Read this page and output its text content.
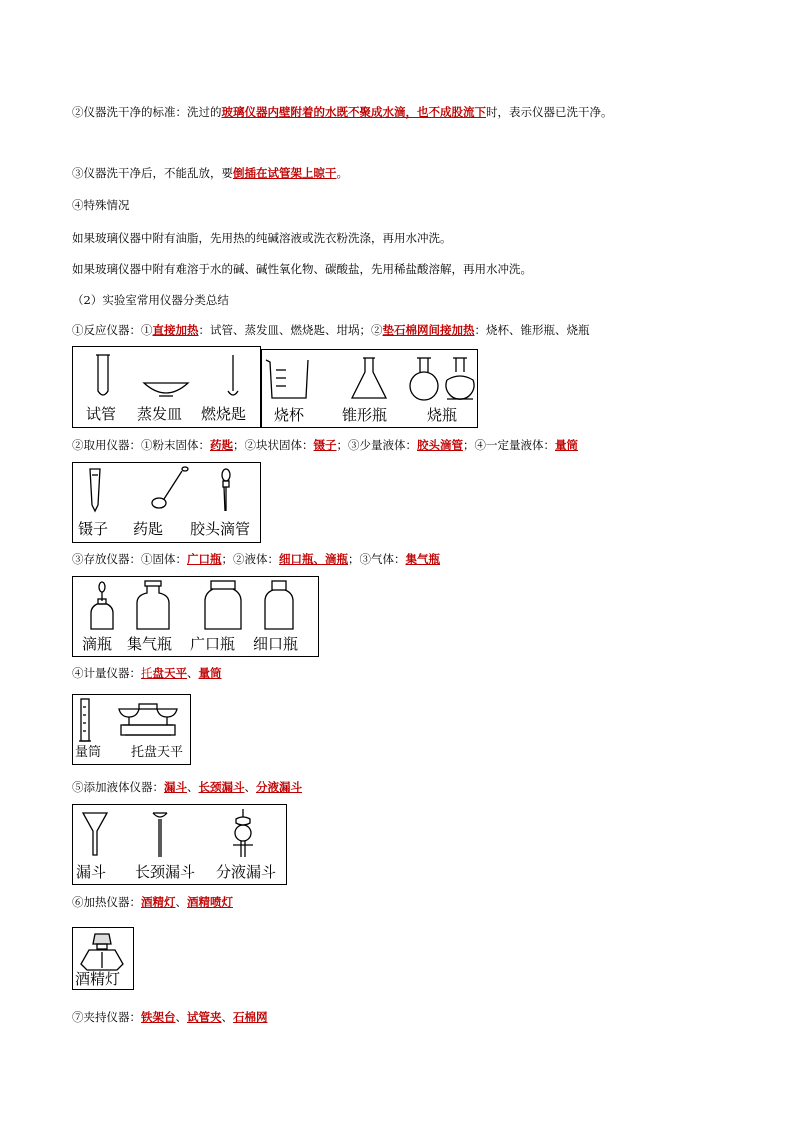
②仪器洗干净的标准：洗过的玻璃仪器内壁附着的水既不聚成水滴，也不成股流下时，表示仪器已洗干净。
③仪器洗干净后，不能乱放，要倒插在试管架上晾干。
④特殊情况
如果玻璃仪器中附有油脂，先用热的纯碱溶液或洗衣粉洗涤，再用水冲洗。
如果玻璃仪器中附有难溶于水的碱、碱性氧化物、碳酸盐，先用稀盐酸溶解，再用水冲洗。
（2）实验室常用仪器分类总结
①反应仪器：①直接加热：试管、蒸发皿、燃烧匙、坩埚；②垫石棉网间接加热：烧杯、锥形瓶、烧瓶
试管 蒸发皿 燃烧匙 烧杯	锥形瓶	烧瓶
②取用仪器：①粉末固体：药匙；②块状固体：镊子；③少量液体：胶头滴管；④一定量液体：量筒
镊子 药匙 胶头滴管
③存放仪器：①固体：广口瓶；②液体：细口瓶、滴瓶；③气体：集气瓶
滴瓶 集气瓶 广口瓶 细口瓶
④计量仪器：托盘天平、量筒
量筒 托盘天平
⑤添加液体仪器：漏斗、长颈漏斗、分液漏斗
漏斗 长颈漏斗 分液漏斗
⑥加热仪器：酒精灯、酒精喷灯
酒精灯
⑦夹持仪器：铁架台、试管夹、石棉网
